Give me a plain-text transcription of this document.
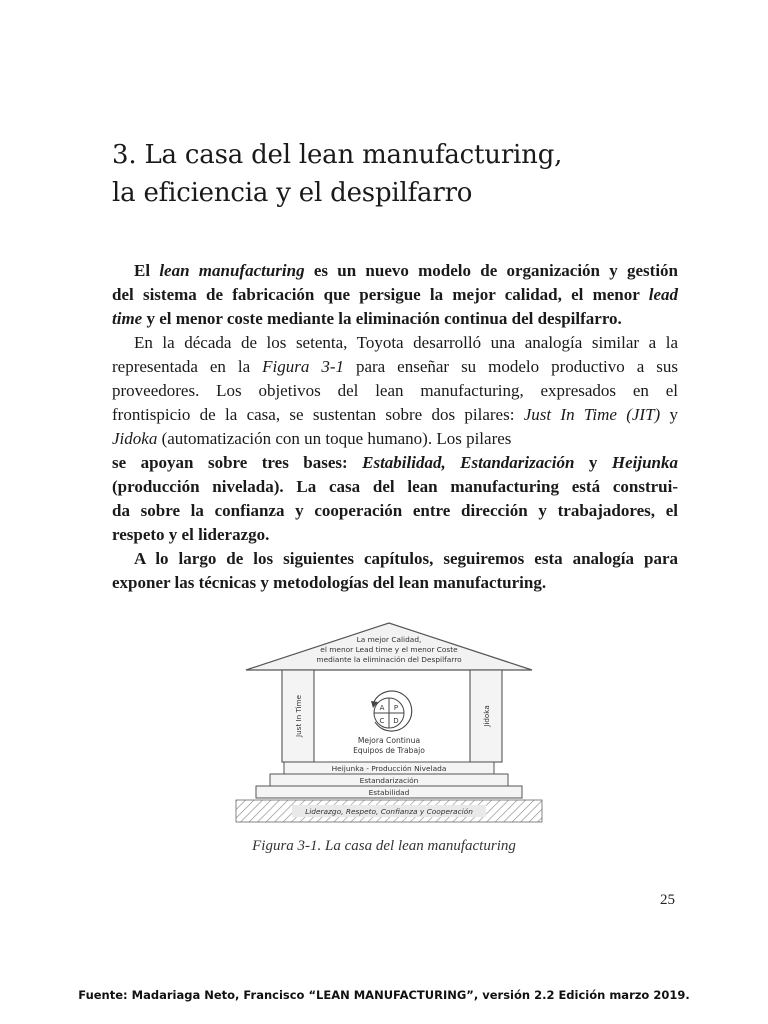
3. La casa del lean manufacturing,
la eficiencia y el despilfarro
El lean manufacturing es un nuevo modelo de organización y gestión
del sistema de fabricación que persigue la mejor calidad, el menor lead
time y el menor coste mediante la eliminación continua del despilfarro.
En la década de los setenta, Toyota desarrolló una analogía similar a la
representada en la Figura 3-1 para enseñar su modelo productivo a sus
proveedores. Los objetivos del lean manufacturing, expresados en el
frontispicio de la casa, se sustentan sobre dos pilares: Just In Time (JIT) y
Jidoka (automatización con un toque humano). Los pilares
se apoyan sobre tres bases: Estabilidad, Estandarización y Heijunka
(producción nivelada). La casa del lean manufacturing está construi-
da sobre la confianza y cooperación entre dirección y trabajadores, el
respeto y el liderazgo.
A lo largo de los siguientes capítulos, seguiremos esta analogía para
exponer las técnicas y metodologías del lean manufacturing.
La mejor Calidad,
el menor Lead time y el menor Coste
mediante la eliminación del Despilfarro
Just In Time	Jidoka
A P
C D
Mejora Continua
Equipos de Trabajo
Heijunka - Producción Nivelada
Estandarización
Estabilidad
Liderazgo, Respeto, Confianza y Cooperación
Figura 3-1. La casa del lean manufacturing
25
Fuente: Madariaga Neto, Francisco “LEAN MANUFACTURING”, versión 2.2 Edición marzo 2019.
